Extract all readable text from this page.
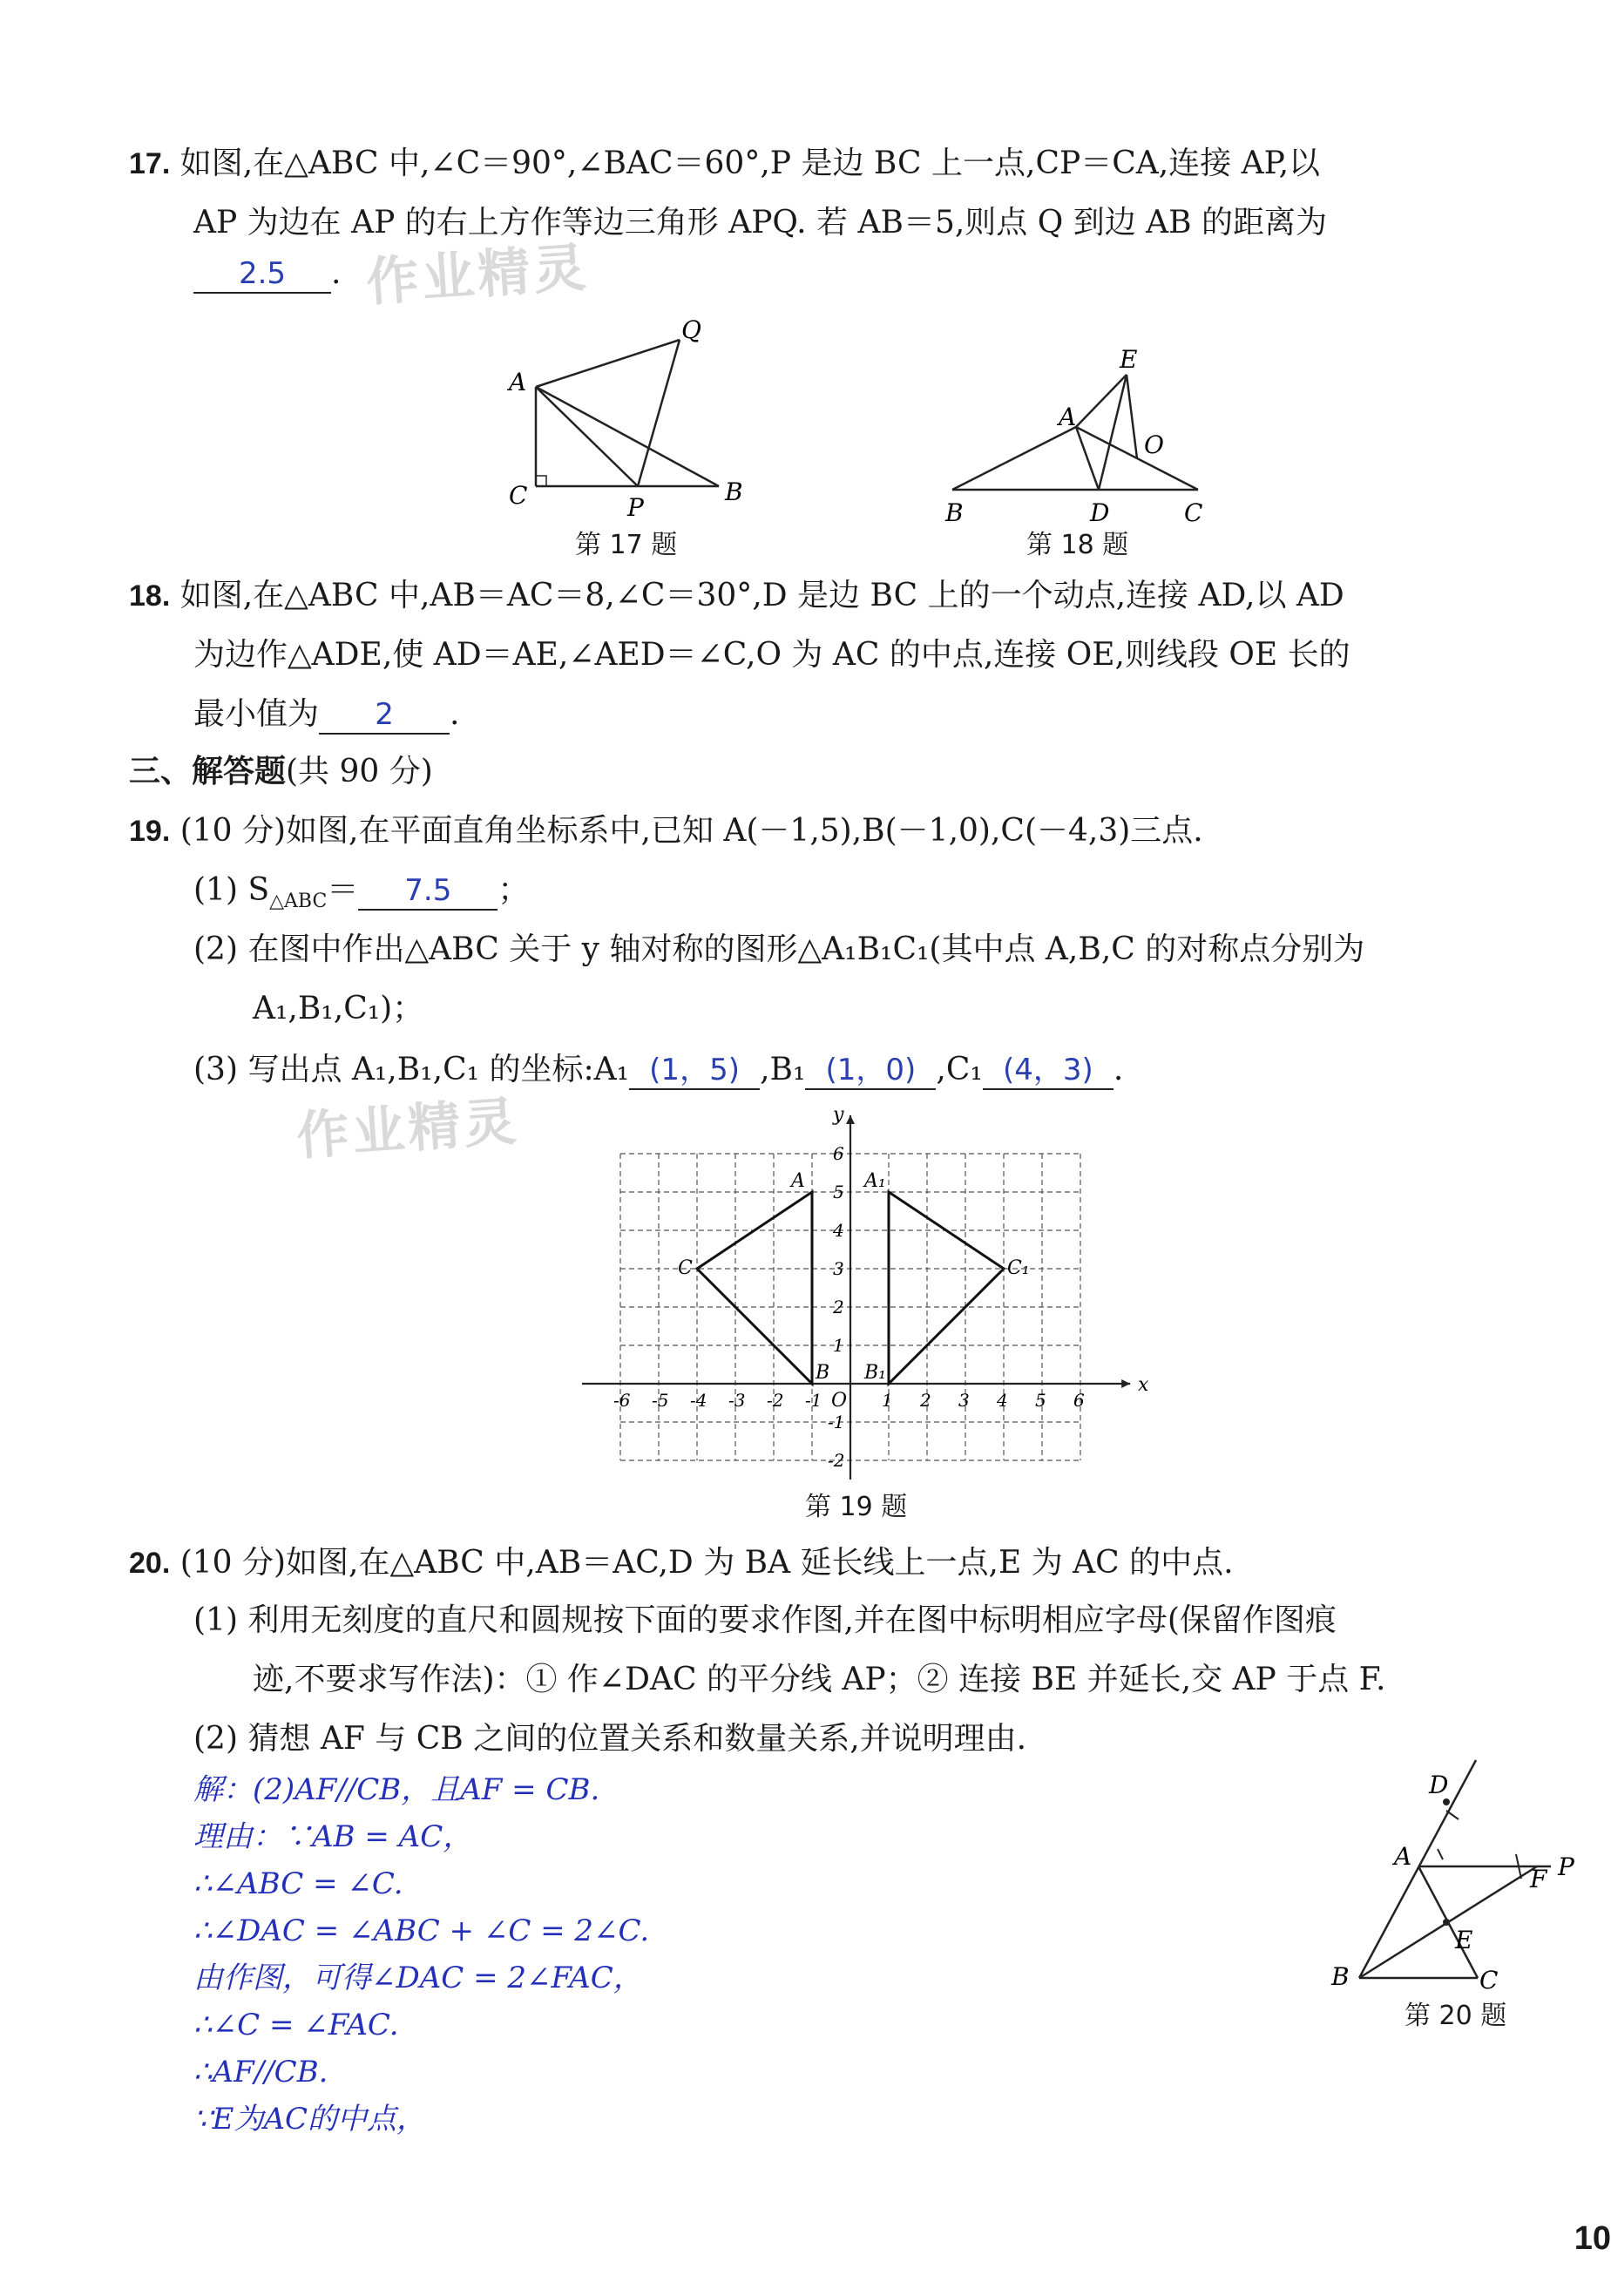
17. 如图,在△ABC 中,∠C＝90°,∠BAC＝60°,P 是边 BC 上一点,CP＝CA,连接 AP,以
AP 为边在 AP 的右上方作等边三角形 APQ. 若 AB＝5,则点 Q 到边 AB 的距离为
2.5 . 作业精灵
A
C	P
B
Q
第 17 题
B
A
E
O
D	C
第 18 题
18. 如图,在△ABC 中,AB＝AC＝8,∠C＝30°,D 是边 BC 上的一个动点,连接 AD,以 AD
为边作△ADE,使 AD＝AE,∠AED＝∠C,O 为 AC 的中点,连接 OE,则线段 OE 长的
最小值为 2 .
三、解答题(共 90 分)
19. (10 分)如图,在平面直角坐标系中,已知 A(－1,5),B(－1,0),C(－4,3)三点.
(1) $S_{\triangle ABC}= 7.5$ ；
(2) 在图中作出△ABC 关于 y 轴对称的图形△A₁B₁C₁(其中点 A,B,C 的对称点分别为
A₁,B₁,C₁)；
(3) 写出点 A₁,B₁,C₁ 的坐标:A₁ (1，5) ,B₁ (1，0) ,C₁ (4，3) .
作业精灵
x
y
O
-6 -5 -4 -3 -2 -1	1 2 3 4 5 6
6
5
4
3
2
1
-1
-2
A
B
C
A₁
B₁
C₁
第 19 题
20. (10 分)如图,在△ABC 中,AB＝AC,D 为 BA 延长线上一点,E 为 AC 的中点.
(1) 利用无刻度的直尺和圆规按下面的要求作图,并在图中标明相应字母(保留作图痕
迹,不要求写作法)：① 作∠DAC 的平分线 AP；② 连接 BE 并延长,交 AP 于点 F.
(2) 猜想 AF 与 CB 之间的位置关系和数量关系,并说明理由.
解：(2)AF//CB，且AF = CB.
理由：∵AB = AC，
∴∠ABC = ∠C.
∴∠DAC = ∠ABC + ∠C = 2∠C.
由作图，可得∠DAC = 2∠FAC，
∴∠C = ∠FAC.
∴AF//CB.
∵E为AC的中点，
D
A
F P
E
B	C
第 20 题
10
